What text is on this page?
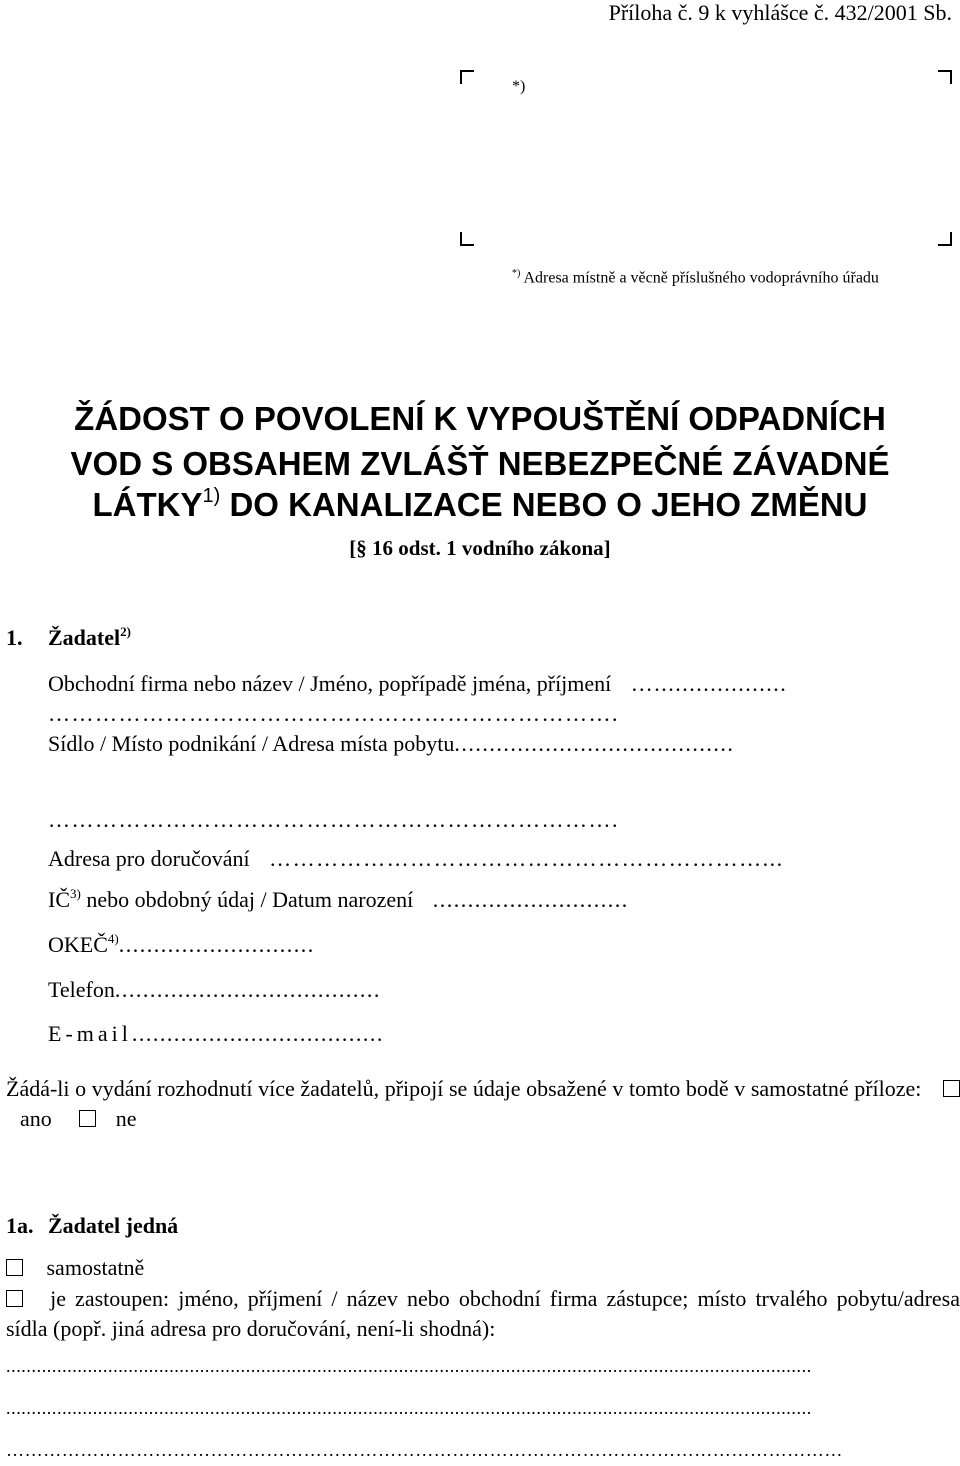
Příloha č. 9 k vyhlášce č. 432/2001 Sb.
*)
*) Adresa místně a věcně příslušného vodoprávního úřadu
ŽÁDOST O POVOLENÍ K VYPOUŠTĚNÍ ODPADNÍCH
VOD S OBSAHEM ZVLÁŠŤ NEBEZPEČNÉ ZÁVADNÉ
LÁTKY$^{1)}$ DO KANALIZACE NEBO O JEHO ZMĚNU
[§ 16 odst. 1 vodního zákona]
1. Žadatel$^{2)}$
Obchodní firma nebo název / Jméno, popřípadě jména, příjmení …...................
……………………………………………………………….
Sídlo / Místo podnikání / Adresa místa pobytu........................................
……………………………………………………………….
Adresa pro doručování ………………………………………………………...
IČ$^{3)}$ nebo obdobný údaj / Datum narození ............................
OKEČ$^{4)}$............................
Telefon......................................
E-mail....................................
Žádá-li o vydání rozhodnutí více žadatelů, připojí se údaje obsažené v tomto bodě v samostatné příloze:  ano	ne
1a. Žadatel jedná
samostatně
je zastoupen: jméno, příjmení / název nebo obchodní firma zástupce; místo trvalého pobytu/adresa sídla (popř. jiná adresa pro doručování, není-li shodná):
..............................................................................................................................................................
..............................................................................................................................................................
………………………………………………………………………………………………………………………
